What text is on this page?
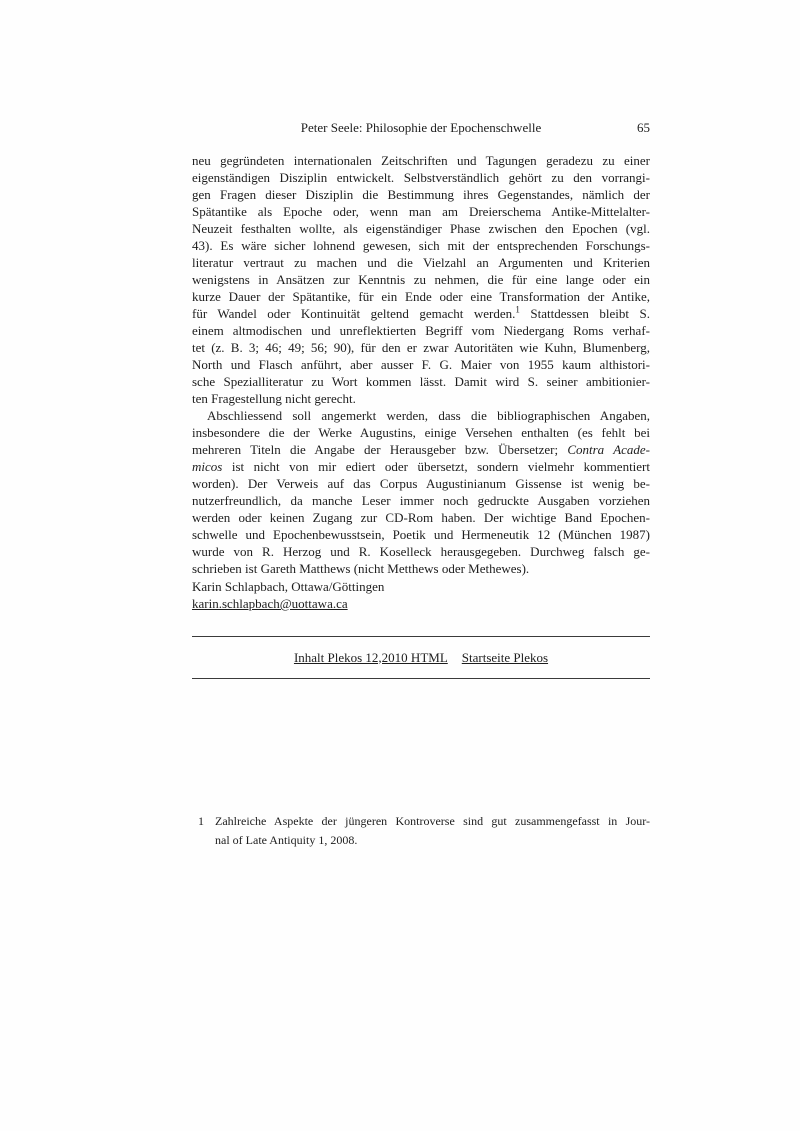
Peter Seele: Philosophie der Epochenschwelle	65
neu gegründeten internationalen Zeitschriften und Tagungen geradezu zu einer
eigenständigen Disziplin entwickelt. Selbstverständlich gehört zu den vorrangi-
gen Fragen dieser Disziplin die Bestimmung ihres Gegenstandes, nämlich der
Spätantike als Epoche oder, wenn man am Dreierschema Antike-Mittelalter-
Neuzeit festhalten wollte, als eigenständiger Phase zwischen den Epochen (vgl.
43). Es wäre sicher lohnend gewesen, sich mit der entsprechenden Forschungs-
literatur vertraut zu machen und die Vielzahl an Argumenten und Kriterien
wenigstens in Ansätzen zur Kenntnis zu nehmen, die für eine lange oder ein
kurze Dauer der Spätantike, für ein Ende oder eine Transformation der Antike,
für Wandel oder Kontinuität geltend gemacht werden.$^1$ Stattdessen bleibt S.
einem altmodischen und unreflektierten Begriff vom Niedergang Roms verhaf-
tet (z. B. 3; 46; 49; 56; 90), für den er zwar Autoritäten wie Kuhn, Blumenberg,
North und Flasch anführt, aber ausser F. G. Maier von 1955 kaum althistori-
sche Spezialliteratur zu Wort kommen lässt. Damit wird S. seiner ambitionier-
ten Fragestellung nicht gerecht.
Abschliessend soll angemerkt werden, dass die bibliographischen Angaben,
insbesondere die der Werke Augustins, einige Versehen enthalten (es fehlt bei
mehreren Titeln die Angabe der Herausgeber bzw. Übersetzer; Contra Acade-
micos ist nicht von mir ediert oder übersetzt, sondern vielmehr kommentiert
worden). Der Verweis auf das Corpus Augustinianum Gissense ist wenig be-
nutzerfreundlich, da manche Leser immer noch gedruckte Ausgaben vorziehen
werden oder keinen Zugang zur CD-Rom haben. Der wichtige Band Epochen-
schwelle und Epochenbewusstsein, Poetik und Hermeneutik 12 (München 1987)
wurde von R. Herzog und R. Koselleck herausgegeben. Durchweg falsch ge-
schrieben ist Gareth Matthews (nicht Metthews oder Methewes).
Karin Schlapbach, Ottawa/Göttingen
karin.schlapbach@uottawa.ca
Inhalt Plekos 12,2010 HTML Startseite Plekos
1 Zahlreiche Aspekte der jüngeren Kontroverse sind gut zusammengefasst in Jour-
nal of Late Antiquity 1, 2008.
